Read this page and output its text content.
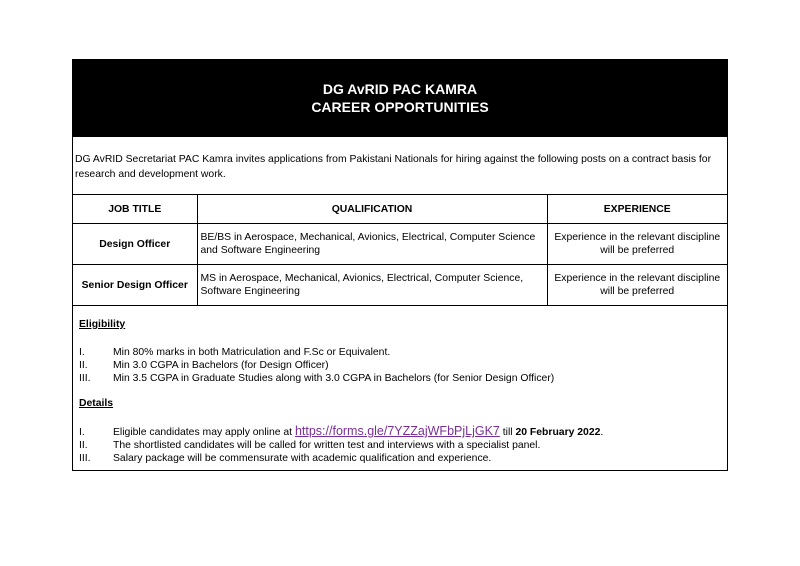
DG AvRID PAC KAMRA
CAREER OPPORTUNITIES
DG AvRID Secretariat PAC Kamra invites applications from Pakistani Nationals for hiring against the following posts on a contract basis for research and development work.
JOB TITLE	QUALIFICATION	EXPERIENCE
Design Officer	BE/BS in Aerospace, Mechanical, Avionics, Electrical, Computer Science and Software Engineering	Experience in the relevant discipline will be preferred
Senior Design Officer	MS in Aerospace, Mechanical, Avionics, Electrical, Computer Science, Software Engineering	Experience in the relevant discipline will be preferred
Eligibility
I.	Min 80% marks in both Matriculation and F.Sc or Equivalent.
II. Min 3.0 CGPA in Bachelors (for Design Officer)
III. Min 3.5 CGPA in Graduate Studies along with 3.0 CGPA in Bachelors (for Senior Design Officer)
Details
I.	Eligible candidates may apply online at https://forms.gle/7YZZajWFbPjLjGK7 till 20 February 2022.
II. The shortlisted candidates will be called for written test and interviews with a specialist panel.
III. Salary package will be commensurate with academic qualification and experience.
